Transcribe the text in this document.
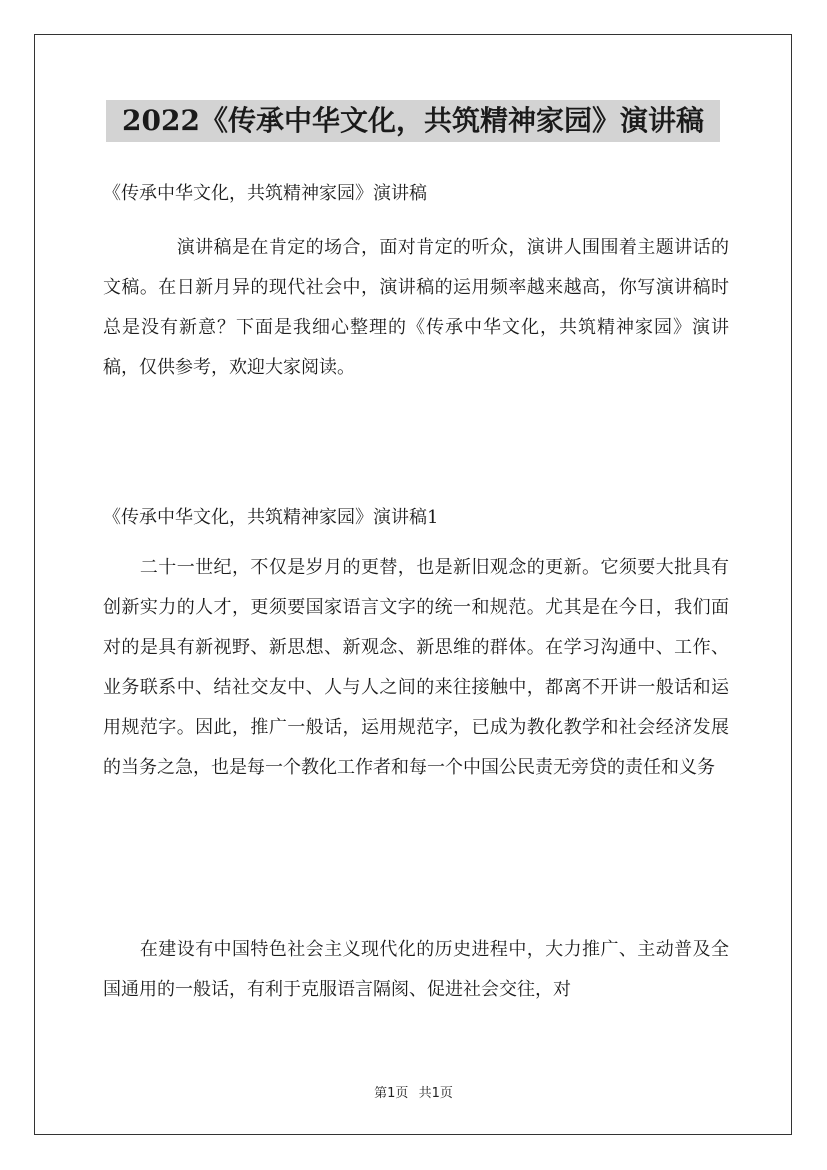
2022《传承中华文化，共筑精神家园》演讲稿
《传承中华文化，共筑精神家园》演讲稿

　　　　演讲稿是在肯定的场合，面对肯定的听众，演讲人围围着主题讲话的文稿。在日新月异的现代社会中，演讲稿的运用频率越来越高，你写演讲稿时总是没有新意？下面是我细心整理的《传承中华文化，共筑精神家园》演讲稿，仅供参考，欢迎大家阅读。

《传承中华文化，共筑精神家园》演讲稿1

　　二十一世纪，不仅是岁月的更替，也是新旧观念的更新。它须要大批具有创新实力的人才，更须要国家语言文字的统一和规范。尤其是在今日，我们面对的是具有新视野、新思想、新观念、新思维的群体。在学习沟通中、工作、业务联系中、结社交友中、人与人之间的来往接触中，都离不开讲一般话和运用规范字。因此，推广一般话，运用规范字，已成为教化教学和社会经济发展的当务之急，也是每一个教化工作者和每一个中国公民责无旁贷的责任和义务

　　在建设有中国特色社会主义现代化的历史进程中，大力推广、主动普及全国通用的一般话，有利于克服语言隔阂、促进社会交往，对

第1页 共1页
